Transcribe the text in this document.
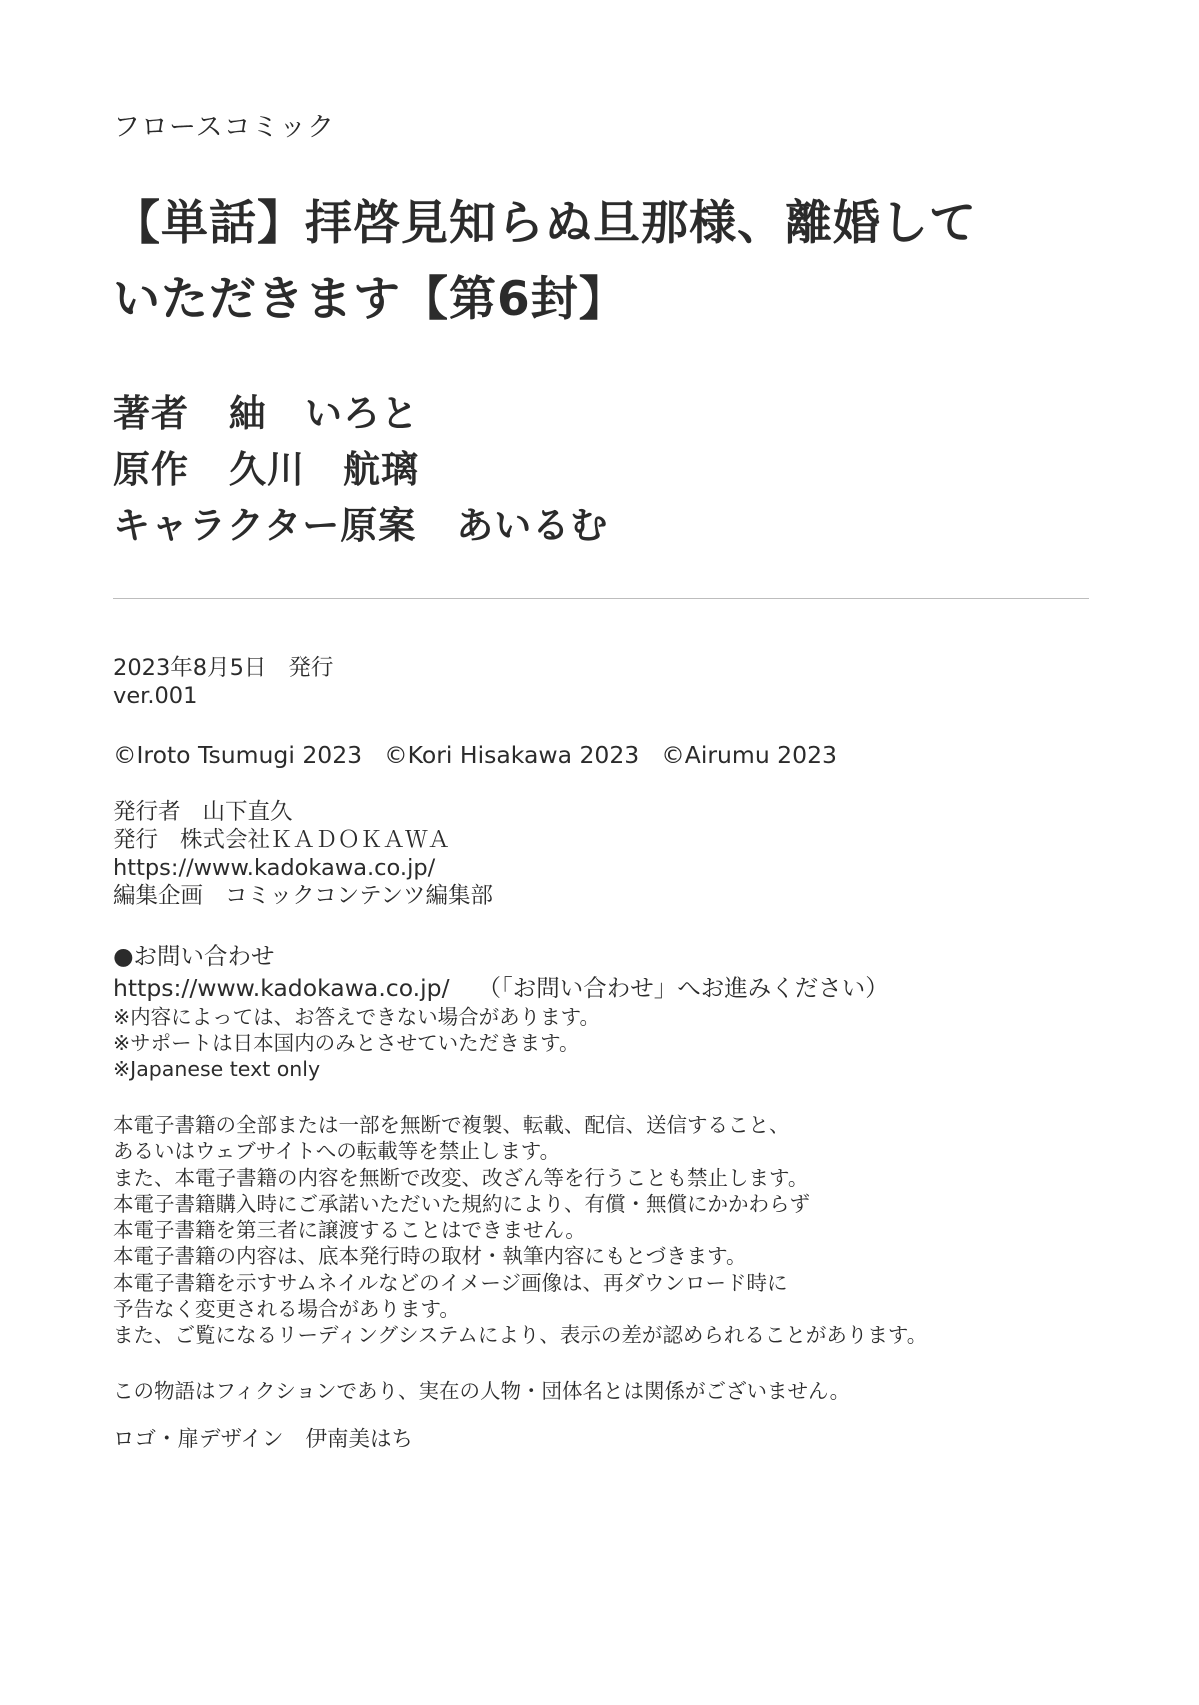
フロースコミック
【単話】拝啓見知らぬ旦那様、離婚して
いただきます【第6封】
著者 紬　いろと
原作 久川　航璃
キャラクター原案 あいるむ
2023年8月5日 発行
ver.001
©Iroto Tsumugi 2023 ©Kori Hisakawa 2023 ©Airumu 2023
発行者 山下直久
発行 株式会社ＫＡＤＯＫＡＷＡ
https://www.kadokawa.co.jp/
編集企画 コミックコンテンツ編集部
●お問い合わせ
https://www.kadokawa.co.jp/ （「お問い合わせ」へお進みください）
※内容によっては、お答えできない場合があります。
※サポートは日本国内のみとさせていただきます。
※Japanese text only
本電子書籍の全部または一部を無断で複製、転載、配信、送信すること、
あるいはウェブサイトへの転載等を禁止します。
また、本電子書籍の内容を無断で改変、改ざん等を行うことも禁止します。
本電子書籍購入時にご承諾いただいた規約により、有償・無償にかかわらず
本電子書籍を第三者に譲渡することはできません。
本電子書籍の内容は、底本発行時の取材・執筆内容にもとづきます。
本電子書籍を示すサムネイルなどのイメージ画像は、再ダウンロード時に
予告なく変更される場合があります。
また、ご覧になるリーディングシステムにより、表示の差が認められることがあります。
この物語はフィクションであり、実在の人物・団体名とは関係がございません。
ロゴ・扉デザイン 伊南美はち
